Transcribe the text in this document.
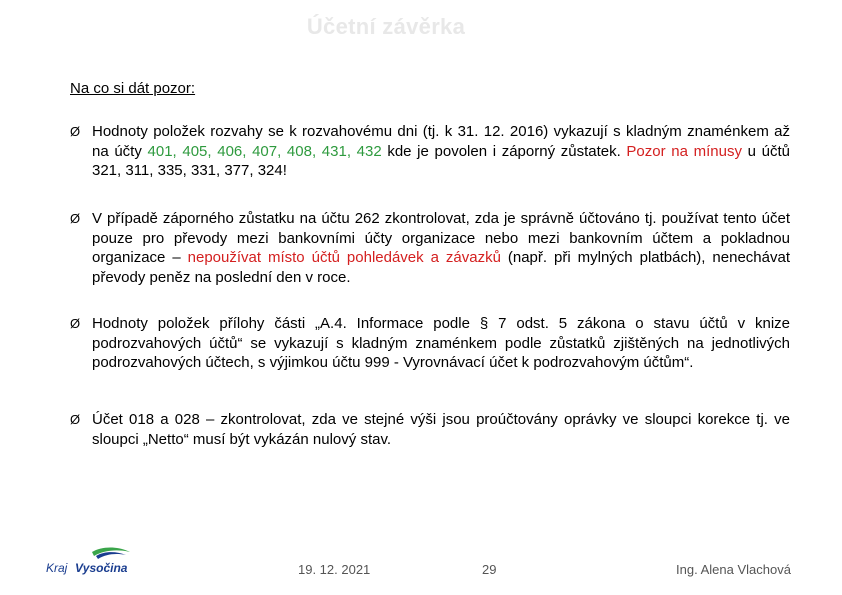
Účetní závěrka
Na co si dát pozor:
Ø Hodnoty položek rozvahy se k rozvahovému dni (tj. k 31. 12. 2016) vykazují s kladným znaménkem až na účty 401, 405, 406, 407, 408, 431, 432 kde je povolen i záporný zůstatek. Pozor na mínusy u účtů 321, 311, 335, 331, 377, 324!
Ø V případě záporného zůstatku na účtu 262 zkontrolovat, zda je správně účtováno tj. používat tento účet pouze pro převody mezi bankovními účty organizace nebo mezi bankovním účtem a pokladnou organizace – nepoužívat místo účtů pohledávek a závazků (např. při mylných platbách), nenechávat převody peněz na poslední den v roce.
Ø Hodnoty položek přílohy části „A.4. Informace podle § 7 odst. 5 zákona o stavu účtů v knize podrozvahových účtů“ se vykazují s kladným znaménkem podle zůstatků zjištěných na jednotlivých podrozvahových účtech, s výjimkou účtu 999 - Vyrovnávací účet k podrozvahovým účtům“.
Ø Účet 018 a 028 – zkontrolovat, zda ve stejné výši jsou proúčtovány oprávky ve sloupci korekce tj. ve sloupci „Netto“ musí být vykázán nulový stav.
Kraj Vysočina	19. 12. 2021	29	Ing. Alena Vlachová
